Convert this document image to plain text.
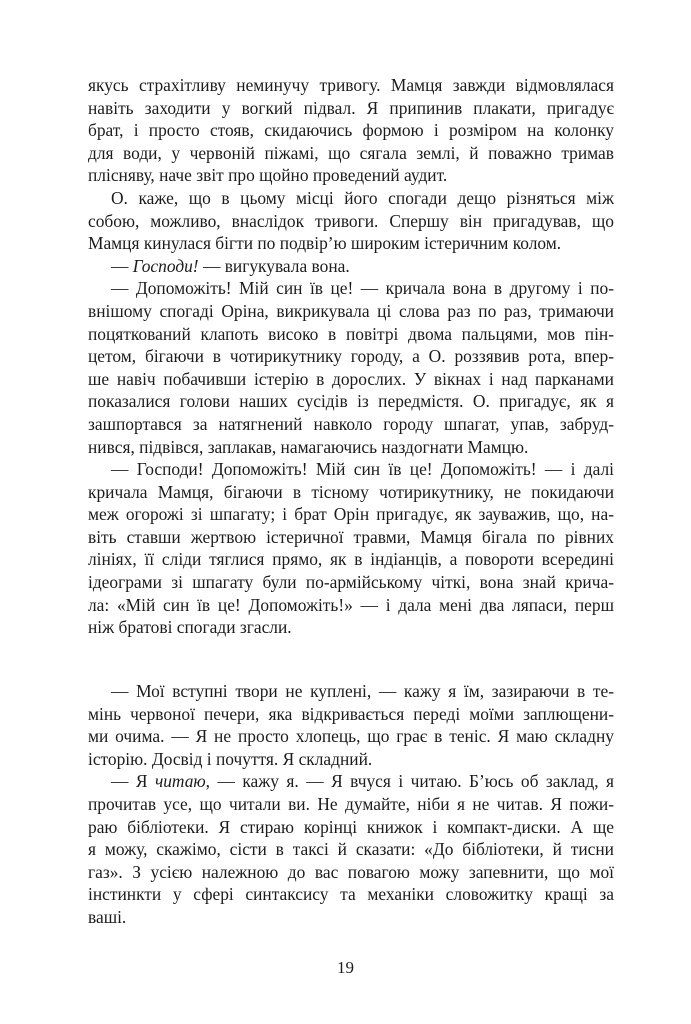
якусь страхітливу неминучу тривогу. Мамця завжди відмовлялася
навіть заходити у вогкий підвал. Я припинив плакати, пригадує
брат, і просто стояв, скидаючись формою і розміром на колонку
для води, у червоній піжамі, що сягала землі, й поважно тримав
плісняву, наче звіт про щойно проведений аудит.
О. каже, що в цьому місці його спогади дещо різняться між
собою, можливо, внаслідок тривоги. Спершу він пригадував, що
Мамця кинулася бігти по подвір’ю широким істеричним колом.
— Господи! — вигукувала вона.
— Допоможіть! Мій син їв це! — кричала вона в другому і по-
внішому спогаді Оріна, викрикувала ці слова раз по раз, тримаючи
поцяткований клапоть високо в повітрі двома пальцями, мов пін-
цетом, бігаючи в чотирикутнику городу, а О. роззявив рота, впер-
ше навіч побачивши істерію в дорослих. У вікнах і над парканами
показалися голови наших сусідів із передмістя. О. пригадує, як я
зашпортався за натягнений навколо городу шпагат, упав, забруд-
нився, підвівся, заплакав, намагаючись наздогнати Мамцю.
— Господи! Допоможіть! Мій син їв це! Допоможіть! — і далі
кричала Мамця, бігаючи в тісному чотирикутнику, не покидаючи
меж огорожі зі шпагату; і брат Орін пригадує, як зауважив, що, на-
віть ставши жертвою істеричної травми, Мамця бігала по рівних
лініях, її сліди тяглися прямо, як в індіанців, а повороти всередині
ідеограми зі шпагату були по-армійському чіткі, вона знай крича-
ла: «Мій син їв це! Допоможіть!» — і дала мені два ляпаси, перш
ніж братові спогади згасли.
— Мої вступні твори не куплені, — кажу я їм, зазираючи в те-
мінь червоної печери, яка відкривається переді моїми заплющени-
ми очима. — Я не просто хлопець, що грає в теніс. Я маю складну
історію. Досвід і почуття. Я складний.
— Я читаю, — кажу я. — Я вчуся і читаю. Б’юсь об заклад, я
прочитав усе, що читали ви. Не думайте, ніби я не читав. Я пожи-
раю бібліотеки. Я стираю корінці книжок і компакт-диски. А ще
я можу, скажімо, сісти в таксі й сказати: «До бібліотеки, й тисни
газ». З усією належною до вас повагою можу запевнити, що мої
інстинкти у сфері синтаксису та механіки словожитку кращі за
ваші.
19
